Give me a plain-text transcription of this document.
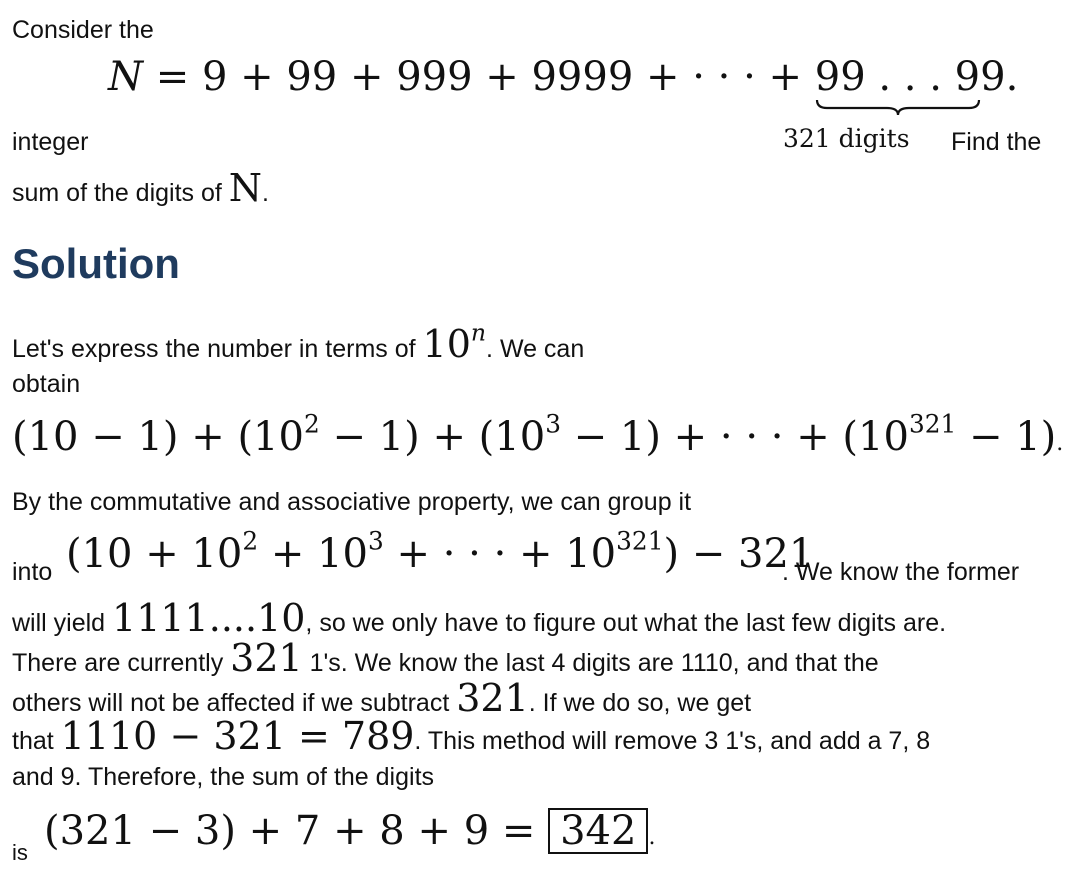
Consider the
N = 9 + 99 + 999 + 9999 + · · · + 99 . . . 99
.
321 digits
integer	Find the
sum of the digits of N.
Solution
Let's express the number in terms of 10$^n$. We can
obtain
$(10 - 1) + (10^2 - 1) + (10^3 - 1)$ + · · · + $(10^{321} - 1)$.
By the commutative and associative property, we can group it
into ($10 + 10^2 + 10^3$ + · · · + $10^{321}) - 321$
. We know the former
will yield 1111....10, so we only have to figure out what the last few digits are.
There are currently 321 1's. We know the last 4 digits are 1110, and that the
others will not be affected if we subtract 321. If we do so, we get
that 1110 − 321 = 789. This method will remove 3 1's, and add a 7, 8
and 9. Therefore, the sum of the digits
is (321 − 3) + 7 + 8 + 9 = 342 .
